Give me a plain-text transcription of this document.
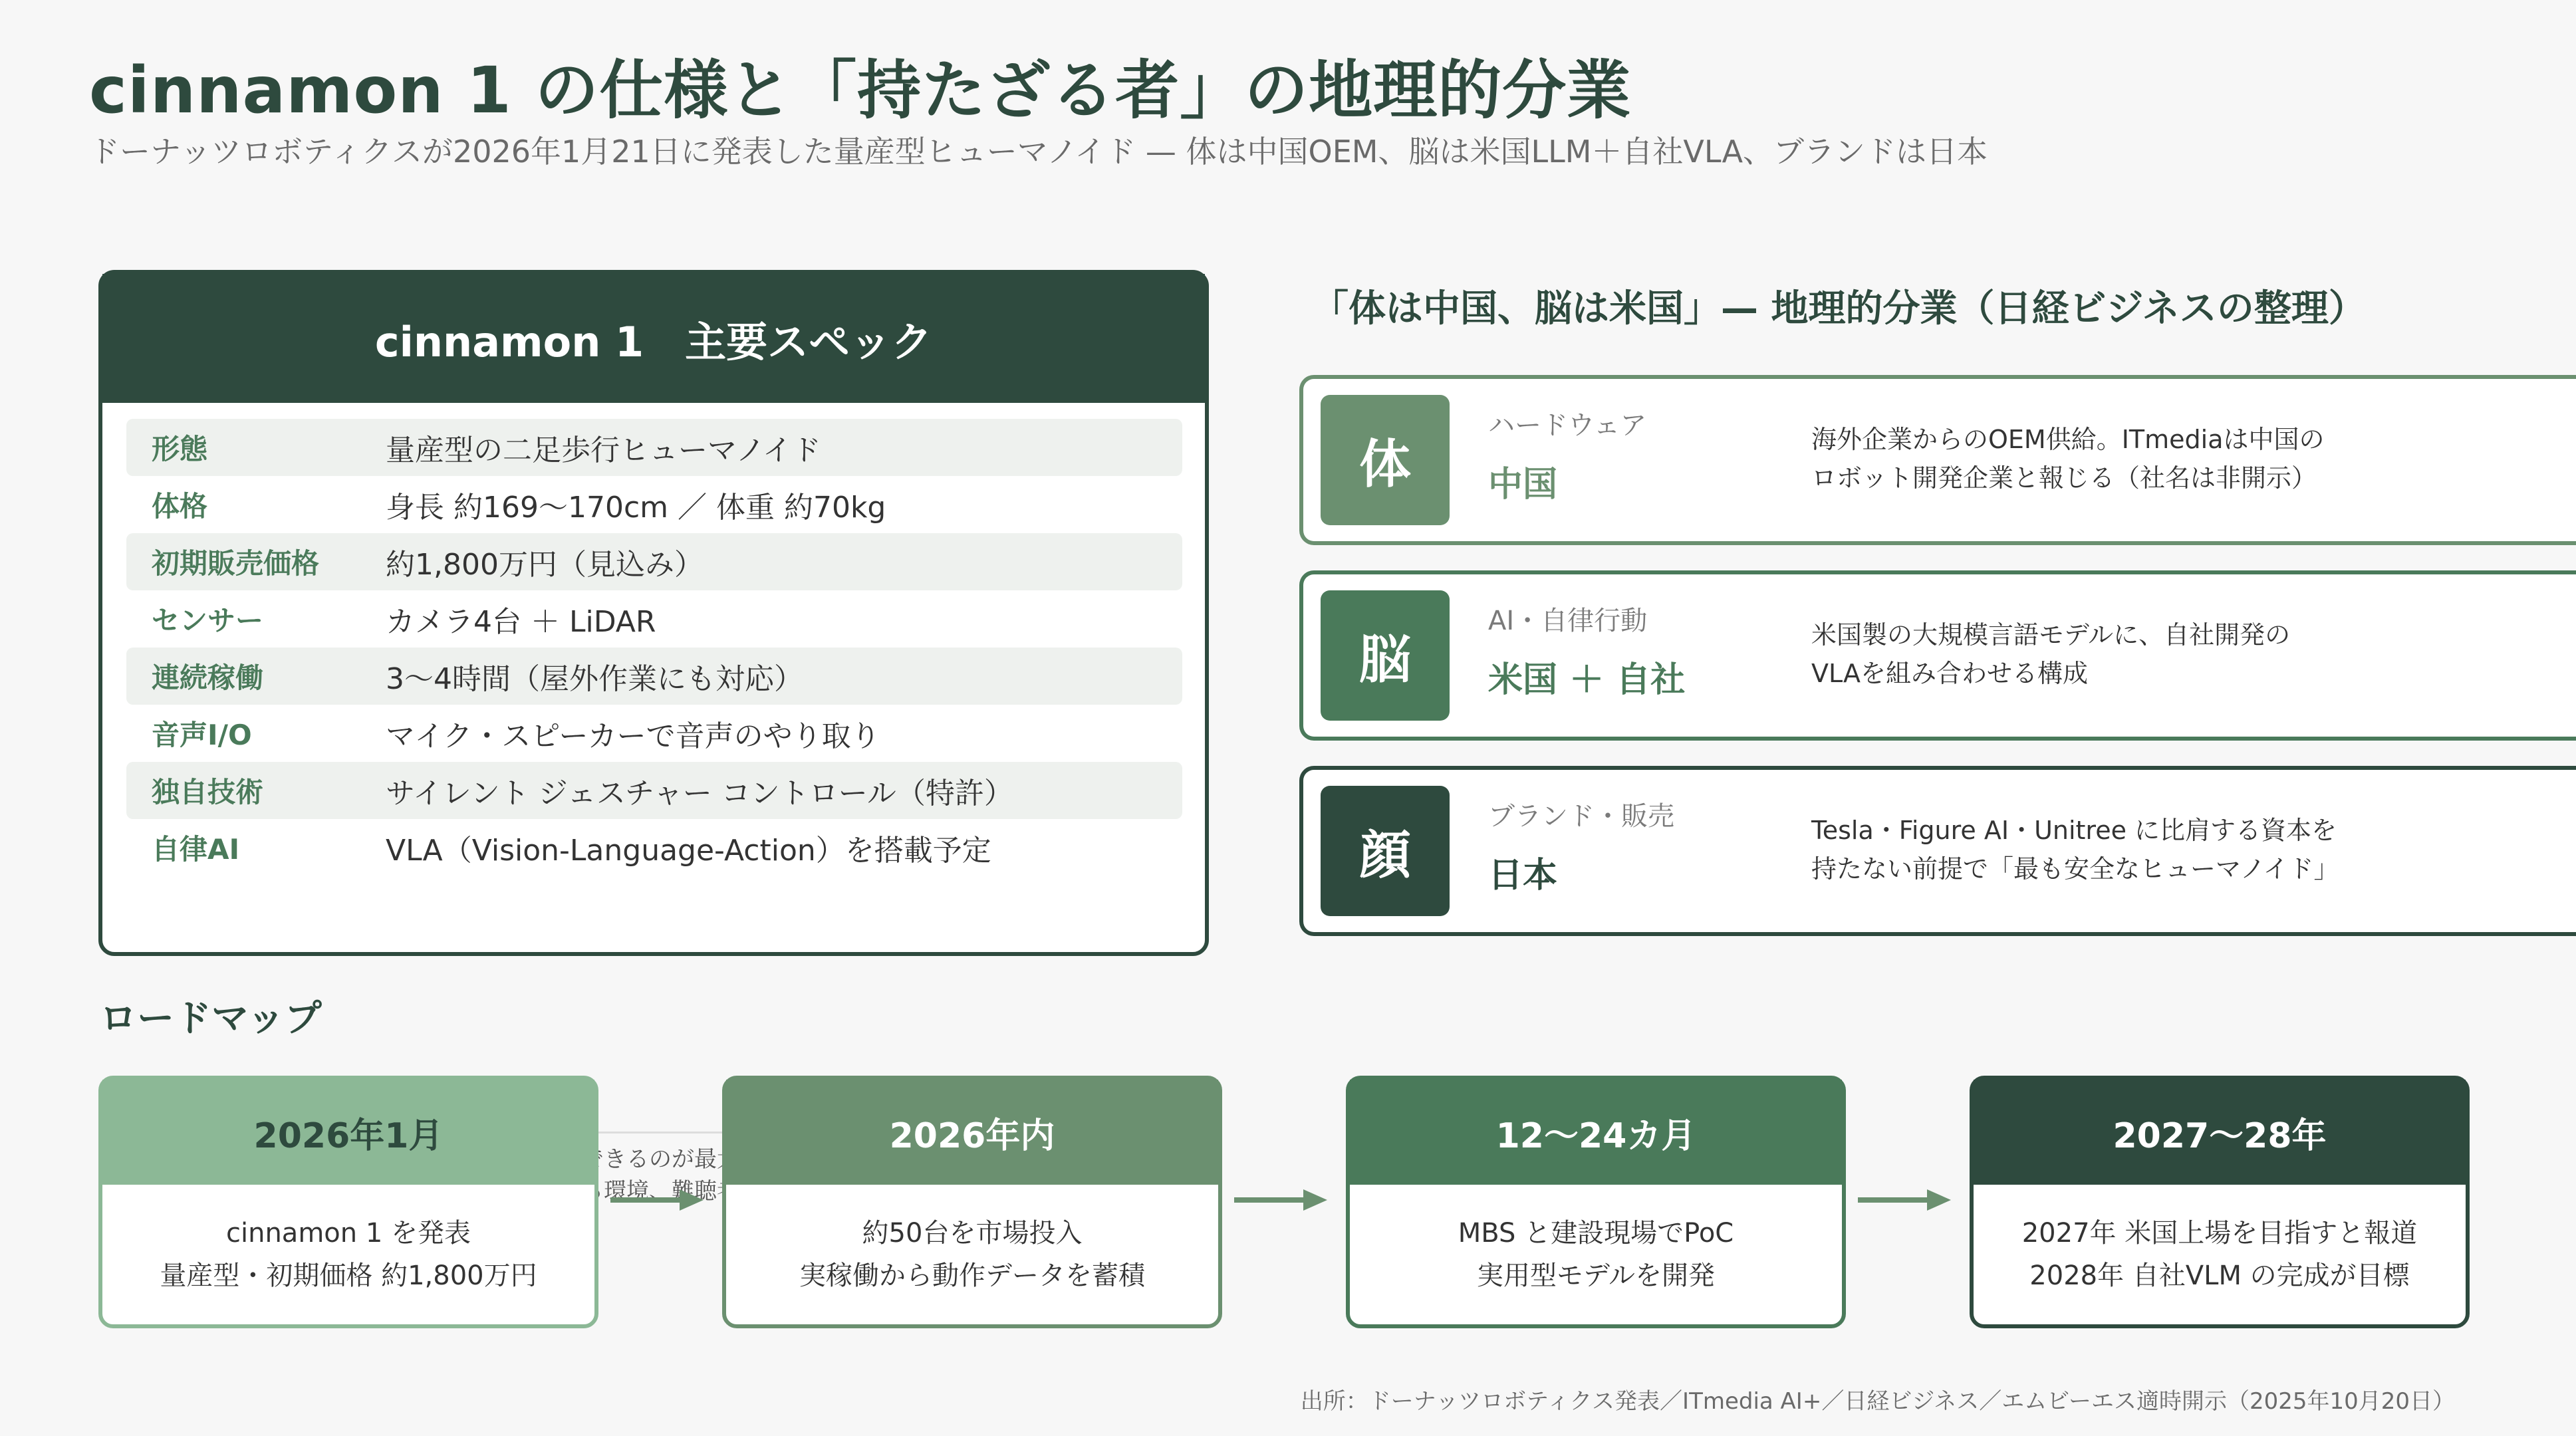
cinnamon 1 の仕様と「持たざる者」の地理的分業
ドーナッツロボティクスが2026年1月21日に発表した量産型ヒューマノイド — 体は中国OEM、脳は米国LLM＋自社VLA、ブランドは日本
cinnamon 1　主要スペック
形態	量産型の二足歩行ヒューマノイド
体格	身長 約169〜170cm ／ 体重 約70kg
初期販売価格	約1,800万円（見込み）
センサー	カメラ4台 ＋ LiDAR
連続稼働	3〜4時間（屋外作業にも対応）
音声I/O	マイク・スピーカーで音声のやり取り
独自技術	サイレント ジェスチャー コントロール（特許）
自律AI	VLA（Vision-Language-Action）を搭載予定
「体は中国、脳は米国」— 地理的分業（日経ビジネスの整理）
体
ハードウェア
中国
海外企業からのOEM供給。ITmediaは中国の
ロボット開発企業と報じる（社名は非開示）
脳
AI・自律行動
米国 ＋ 自社
米国製の大規模言語モデルに、自社開発の
VLAを組み合わせる構成
顔
ブランド・販売
日本
Tesla・Figure AI・Unitree に比肩する資本を
持たない前提で「最も安全なヒューマノイド」
ロードマップ
2026年1月
cinnamon 1 を発表
量産型・初期価格 約1,800万円
2026年内
約50台を市場投入
実稼働から動作データを蓄積
12〜24カ月
MBS と建設現場でPoC
実用型モデルを開発
2027〜28年
2027年 米国上場を目指すと報道
2028年 自社VLM の完成が目標
出所：ドーナッツロボティクス発表／ITmedia AI+／日経ビジネス／エムビーエス適時開示（2025年10月20日）
